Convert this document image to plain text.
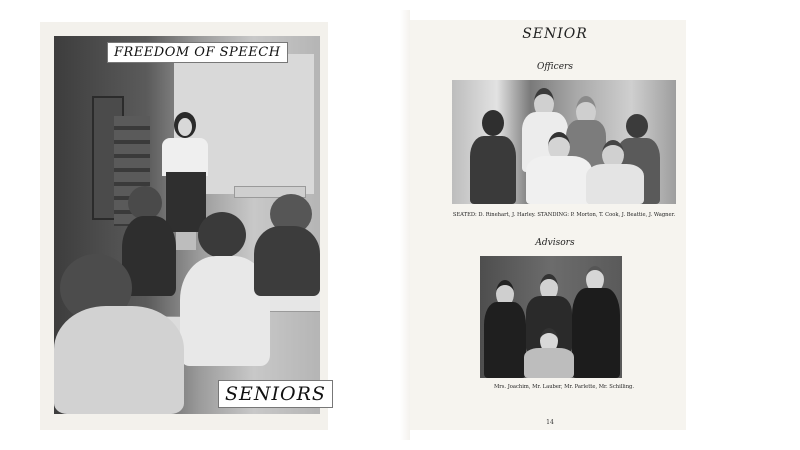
FREEDOM OF SPEECH
SENIORS
SENIOR
Officers
SEATED: D. Rinehart, J. Harley. STANDING: P. Morton, T. Cook, J. Beattie, J. Wagner.
Advisors
Mrs. Joachim, Mr. Lauber, Mr. Parlette, Mr. Schilling.
14
